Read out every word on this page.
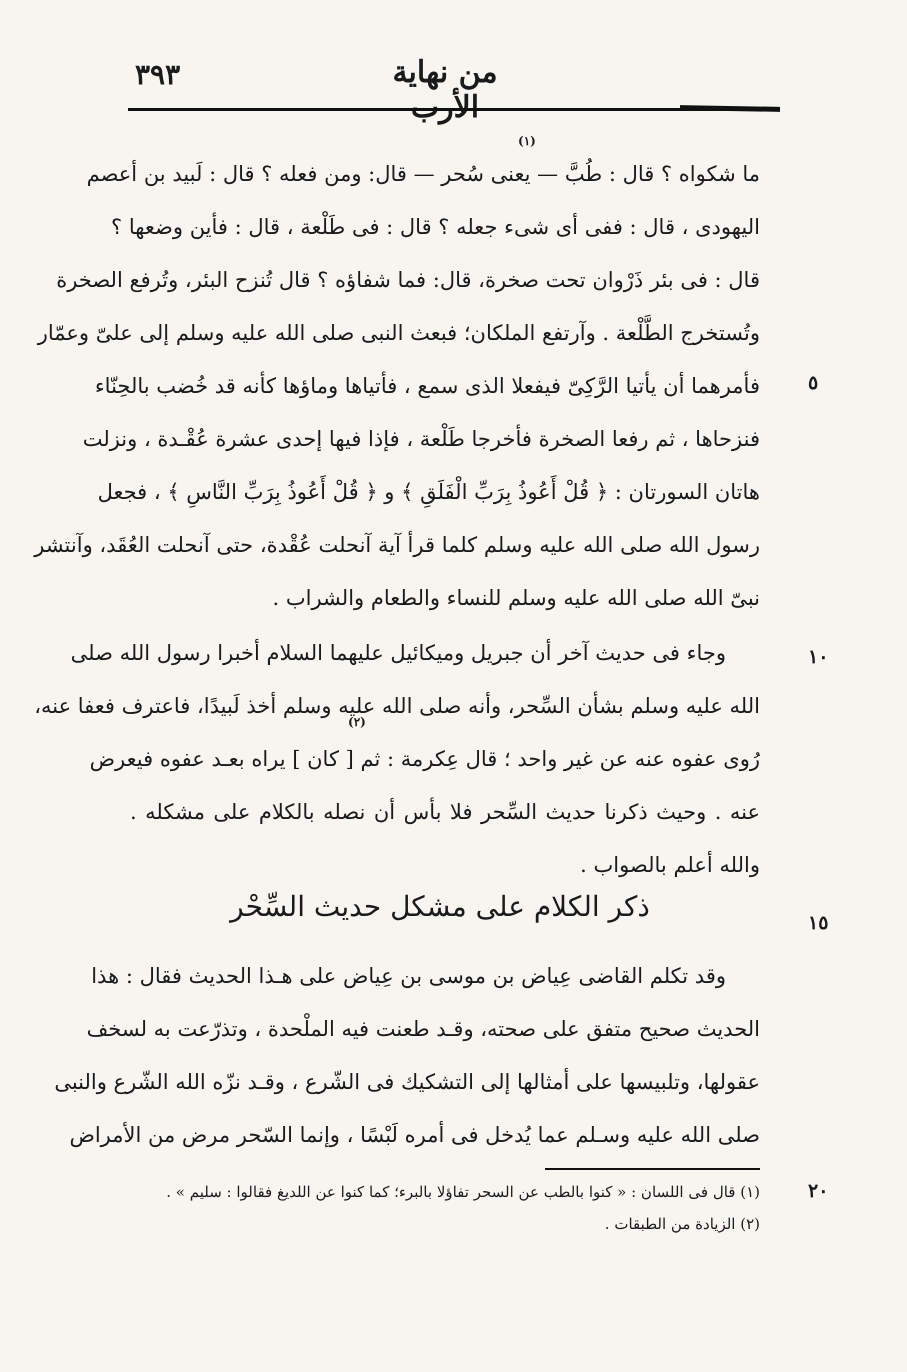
٣٩٣	من نهاية الأرب
(١)
(٢)
ما شكواه ؟ قال : طُبَّ — يعنى سُحر — قال: ومن فعله ؟ قال : لَبيد بن أعصم
اليهودى ، قال : ففى أى شىء جعله ؟ قال : فى طَلْعة ، قال : فأين وضعها ؟
قال : فى بئر ذَرْوان تحت صخرة، قال: فما شفاؤه ؟ قال تُنزح البئر، وتُرفع الصخرة
وتُستخرج الطَّلْعة . وآرتفع الملكان؛ فبعث النبى صلى الله عليه وسلم إلى علىّ وعمّار
فأمرهما أن يأتيا الرَّكِىّ فيفعلا الذى سمع ، فأتياها وماؤها كأنه قد خُضب بالحِنّاء
فنزحاها ، ثم رفعا الصخرة فأخرجا طَلْعة ، فإذا فيها إحدى عشرة عُقْـدة ، ونزلت
هاتان السورتان : ﴿ قُلْ أَعُوذُ بِرَبِّ الْفَلَقِ ﴾ و ﴿ قُلْ أَعُوذُ بِرَبِّ النَّاسِ ﴾ ، فجعل
رسول الله صلى الله عليه وسلم كلما قرأ آية آنحلت عُقْدة، حتى آنحلت العُقَد، وآنتشر
نبىّ الله صلى الله عليه وسلم للنساء والطعام والشراب .
وجاء فى حديث آخر أن جبريل وميكائيل عليهما السلام أخبرا رسول الله صلى
الله عليه وسلم بشأن السِّحر، وأنه صلى الله عليه وسلم أخذ لَبيدًا، فاعترف فعفا عنه،
رُوى عفوه عنه عن غير واحد ؛ قال عِكرمة : ثم [ كان ] يراه بعـد عفوه فيعرض
عنه . وحيث ذكرنا حديث السِّحر فلا بأس أن نصله بالكلام على مشكله .
والله أعلم بالصواب .
ذكر الكلام على مشكل حديث السِّحْر
وقد تكلم القاضى عِياض بن موسى بن عِياض على هـذا الحديث فقال : هذا
الحديث صحيح متفق على صحته، وقـد طعنت فيه الملْحدة ، وتذرّعت به لسخف
عقولها، وتلبيسها على أمثالها إلى التشكيك فى الشّرع ، وقـد نزّه الله الشّرع والنبى
صلى الله عليه وسـلم عما يُدخل فى أمره لَبْسًا ، وإنما السّحر مرض من الأمراض
٥
١٠
١٥
٢٠
(١) قال فى اللسان : « كنوا بالطب عن السحر تفاؤلا بالبرء؛ كما كنوا عن اللديغ فقالوا : سليم » .
(٢) الزيادة من الطبقات .
